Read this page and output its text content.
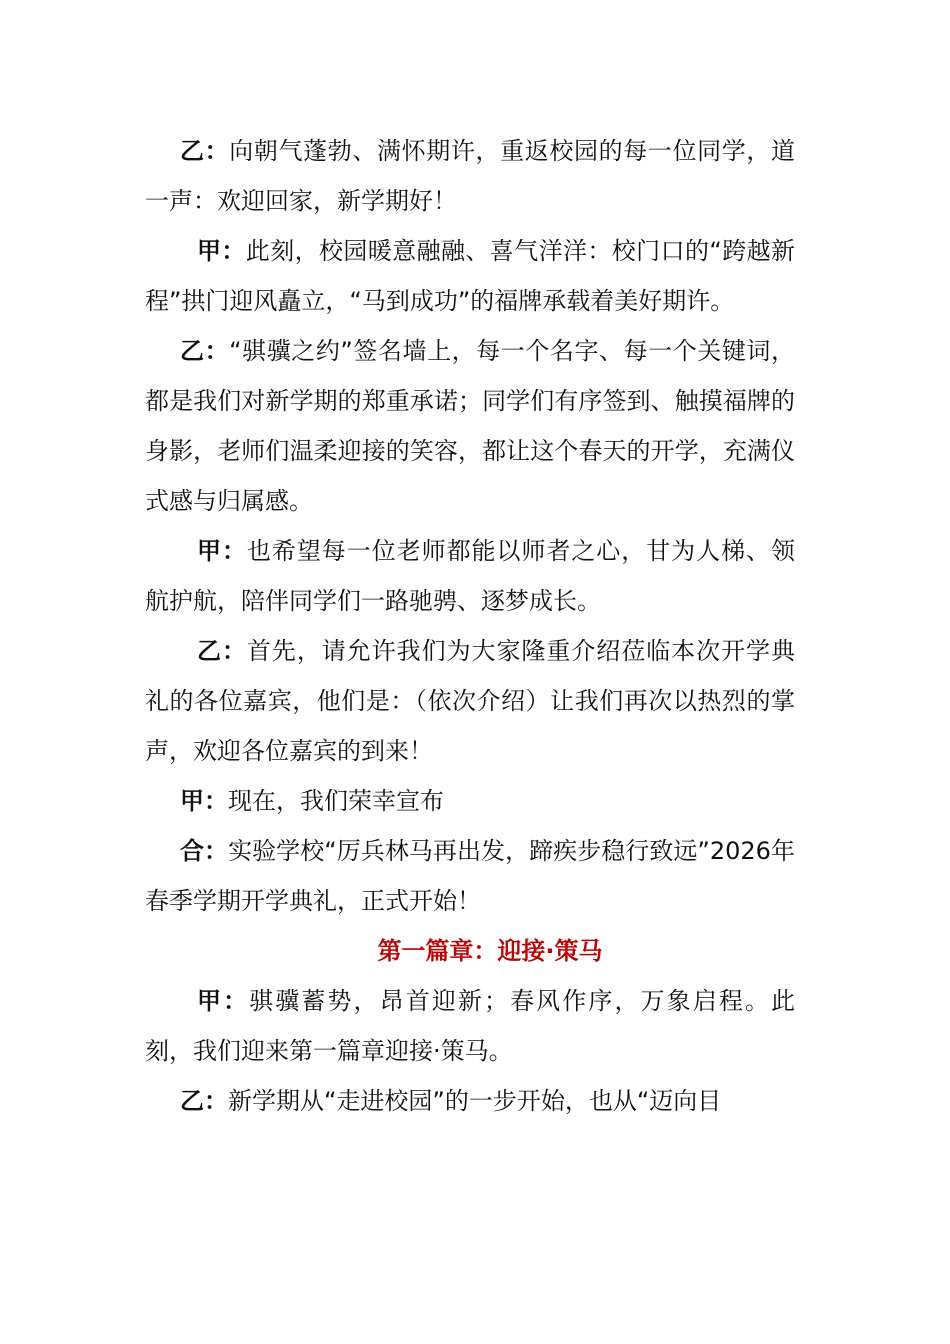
乙：向朝气蓬勃、满怀期许，重返校园的每一位同学，道一声：欢迎回家，新学期好！

甲：此刻，校园暖意融融、喜气洋洋：校门口的“跨越新程”拱门迎风矗立，“马到成功”的福牌承载着美好期许。

乙：“骐骥之约”签名墙上，每一个名字、每一个关键词，都是我们对新学期的郑重承诺；同学们有序签到、触摸福牌的身影，老师们温柔迎接的笑容，都让这个春天的开学，充满仪式感与归属感。

甲：也希望每一位老师都能以师者之心，甘为人梯、领航护航，陪伴同学们一路驰骋、逐梦成长。

乙：首先，请允许我们为大家隆重介绍莅临本次开学典礼的各位嘉宾，他们是：（依次介绍）让我们再次以热烈的掌声，欢迎各位嘉宾的到来！

甲：现在，我们荣幸宣布

合：实验学校“厉兵林马再出发，蹄疾步稳行致远”2026年春季学期开学典礼，正式开始！

第一篇章：迎接·策马

甲：骐骥蓄势，昂首迎新；春风作序，万象启程。此刻，我们迎来第一篇章迎接·策马。

乙：新学期从“走进校园”的一步开始，也从“迈向目
